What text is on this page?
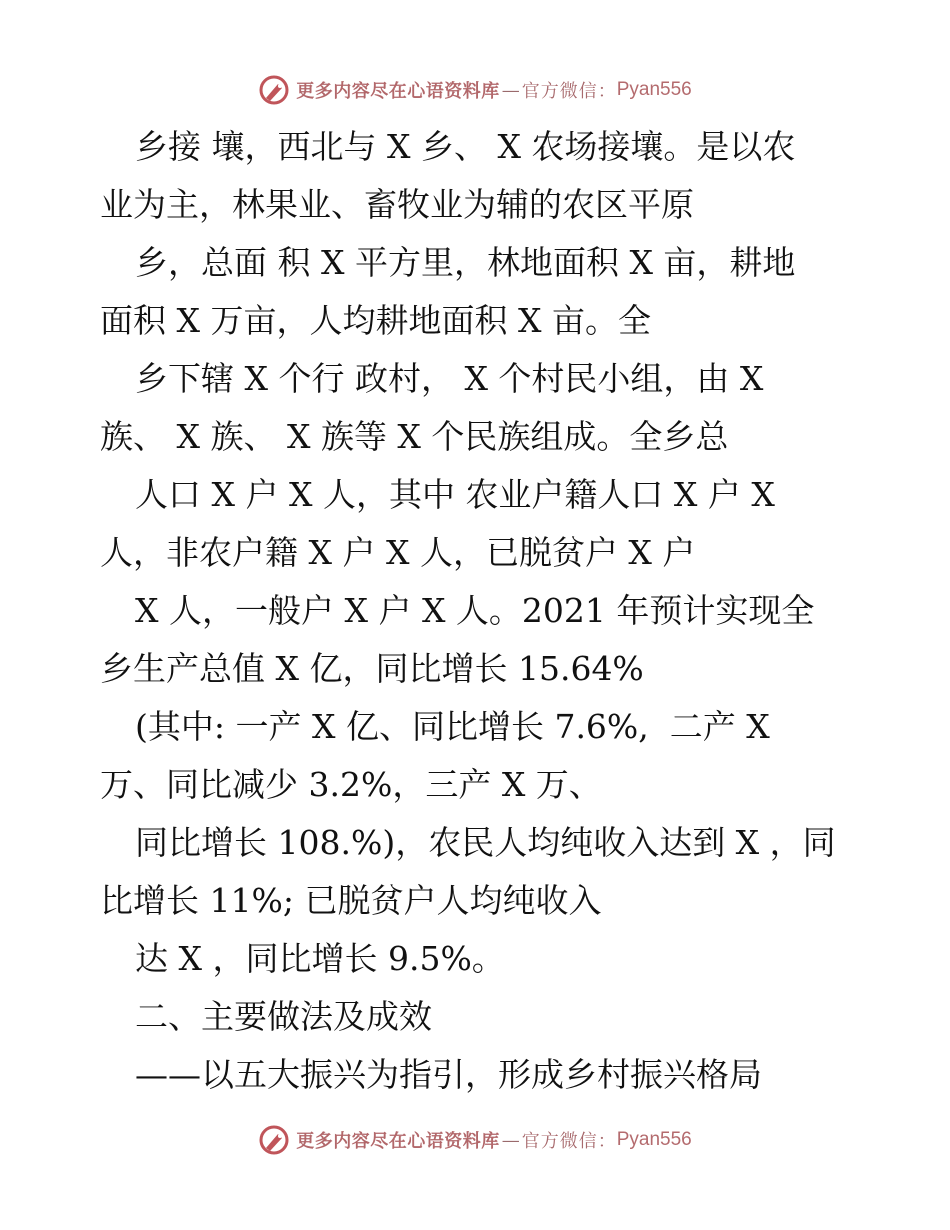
更多内容尽在心语资料库 — 官方微信： Pyan556
乡接 壤，西北与 X 乡、 X 农场接壤。是以农
业为主，林果业、畜牧业为辅的农区平原
乡，总面 积 X 平方里，林地面积 X 亩，耕地
面积 X 万亩，人均耕地面积 X 亩。全
乡下辖 X 个行 政村， X 个村民小组，由 X
族、 X 族、 X 族等 X 个民族组成。全乡总
人口 X 户 X 人，其中 农业户籍人口 X 户 X
人，非农户籍 X 户 X 人，已脱贫户 X 户
X 人，一般户 X 户 X 人。2021 年预计实现全
乡生产总值 X 亿，同比增长 15.64%
(其中: 一产 X 亿、同比增长 7.6%,  二产 X
万、同比减少 3.2%，三产 X 万、
同比增长 108.%)，农民人均纯收入达到 X ，同
比增长 11%; 已脱贫户人均纯收入
达 X ，同比增长 9.5%。
二、主要做法及成效
——以五大振兴为指引，形成乡村振兴格局
更多内容尽在心语资料库 — 官方微信： Pyan556
